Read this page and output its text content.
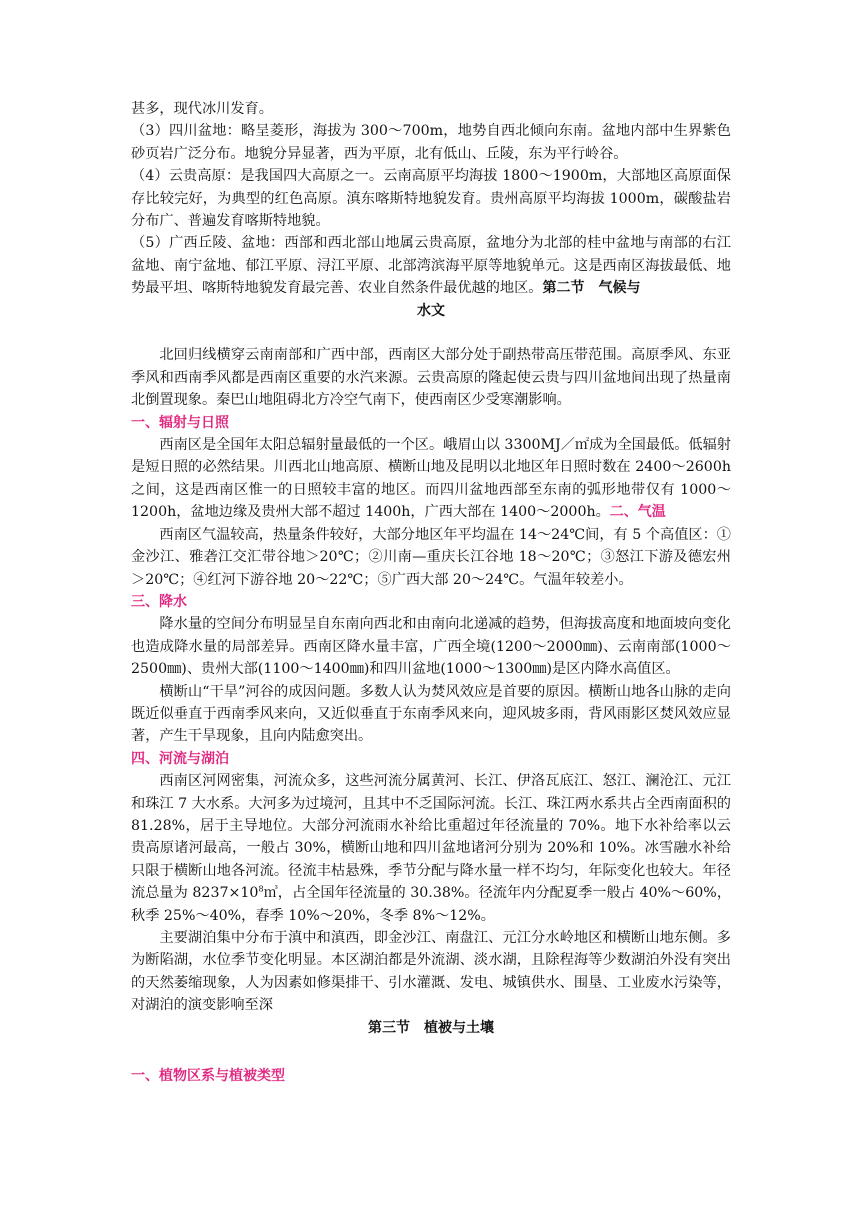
甚多，现代冰川发育。

（3）四川盆地：略呈菱形，海拔为 300～700m，地势自西北倾向东南。盆地内部中生界紫色砂页岩广泛分布。地貌分异显著，西为平原，北有低山、丘陵，东为平行岭谷。

（4）云贵高原：是我国四大高原之一。云南高原平均海拔 1800～1900m，大部地区高原面保存比较完好，为典型的红色高原。滇东喀斯特地貌发育。贵州高原平均海拔 1000m，碳酸盐岩分布广、普遍发育喀斯特地貌。

（5）广西丘陵、盆地：西部和西北部山地属云贵高原，盆地分为北部的桂中盆地与南部的右江盆地、南宁盆地、郁江平原、浔江平原、北部湾滨海平原等地貌单元。这是西南区海拔最低、地势最平坦、喀斯特地貌发育最完善、农业自然条件最优越的地区。第二节　气候与

水文

北回归线横穿云南南部和广西中部，西南区大部分处于副热带高压带范围。高原季风、东亚季风和西南季风都是西南区重要的水汽来源。云贵高原的隆起使云贵与四川盆地间出现了热量南北倒置现象。秦巴山地阻碍北方冷空气南下，使西南区少受寒潮影响。

一、辐射与日照

西南区是全国年太阳总辐射量最低的一个区。峨眉山以 3300MJ／㎡成为全国最低。低辐射是短日照的必然结果。川西北山地高原、横断山地及昆明以北地区年日照时数在 2400～2600h 之间，这是西南区惟一的日照较丰富的地区。而四川盆地西部至东南的弧形地带仅有 1000～1200h，盆地边缘及贵州大部不超过 1400h，广西大部在 1400～2000h。二、气温

西南区气温较高，热量条件较好，大部分地区年平均温在 14～24℃间，有 5 个高值区：①金沙江、雅砻江交汇带谷地＞20℃；②川南—重庆长江谷地 18～20℃；③怒江下游及德宏州＞20℃；④红河下游谷地 20～22℃；⑤广西大部 20～24℃。气温年较差小。

三、降水

降水量的空间分布明显呈自东南向西北和由南向北递减的趋势，但海拔高度和地面坡向变化也造成降水量的局部差异。西南区降水量丰富，广西全境(1200～2000㎜)、云南南部(1000～2500㎜)、贵州大部(1100～1400㎜)和四川盆地(1000～1300㎜)是区内降水高值区。

横断山“干旱”河谷的成因问题。多数人认为焚风效应是首要的原因。横断山地各山脉的走向既近似垂直于西南季风来向，又近似垂直于东南季风来向，迎风坡多雨，背风雨影区焚风效应显著，产生干旱现象，且向内陆愈突出。

四、河流与湖泊

西南区河网密集，河流众多，这些河流分属黄河、长江、伊洛瓦底江、怒江、澜沧江、元江和珠江 7 大水系。大河多为过境河，且其中不乏国际河流。长江、珠江两水系共占全西南面积的 81.28%，居于主导地位。大部分河流雨水补给比重超过年径流量的 70%。地下水补给率以云贵高原诸河最高，一般占 30%，横断山地和四川盆地诸河分别为 20%和 10%。冰雪融水补给只限于横断山地各河流。径流丰枯悬殊，季节分配与降水量一样不均匀，年际变化也较大。年径流总量为 $8237\times 10^8㎥$，占全国年径流量的 30.38%。径流年内分配夏季一般占 40%～60%，秋季 25%～40%，春季 10%～20%，冬季 8%～12%。

主要湖泊集中分布于滇中和滇西，即金沙江、南盘江、元江分水岭地区和横断山地东侧。多为断陷湖，水位季节变化明显。本区湖泊都是外流湖、淡水湖，且除程海等少数湖泊外没有突出的天然萎缩现象，人为因素如修渠排干、引水灌溉、发电、城镇供水、围垦、工业废水污染等，对湖泊的演变影响至深

第三节　植被与土壤

一、植物区系与植被类型
